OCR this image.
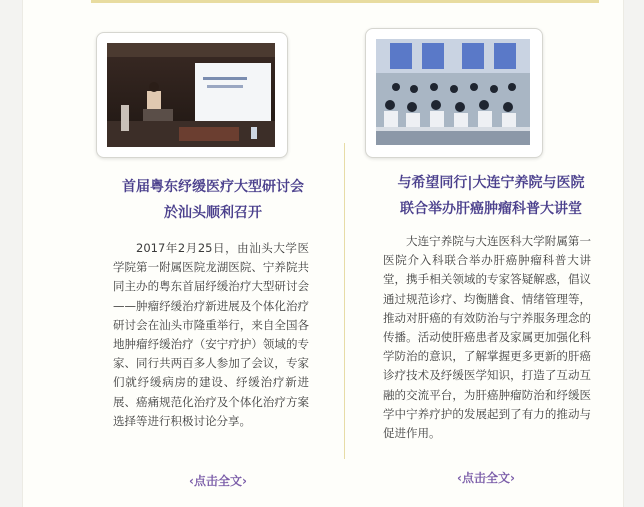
首届粤东纾缓医疗大型研讨会
於汕头顺利召开

2017年2月25日，由汕头大学医学院第一附属医院龙湖医院、宁养院共同主办的粤东首届纾缓治疗大型研讨会——肿瘤纾缓治疗新进展及个体化治疗研讨会在汕头市隆重举行，来自全国各地肿瘤纾缓治疗（安宁疗护）领域的专家、同行共两百多人参加了会议，专家们就纾缓病房的建设、纾缓治疗新进展、癌痛规范化治疗及个体化治疗方案选择等进行积极讨论分享。

‹点击全文›
与希望同行|大连宁养院与医院
联合举办肝癌肿瘤科普大讲堂

大连宁养院与大连医科大学附属第一医院介入科联合举办肝癌肿瘤科普大讲堂，携手相关领域的专家答疑解惑，倡议通过规范诊疗、均衡膳食、情绪管理等，推动对肝癌的有效防治与宁养服务理念的传播。活动使肝癌患者及家属更加强化科学防治的意识，了解掌握更多更新的肝癌诊疗技术及纾缓医学知识，打造了互动互融的交流平台，为肝癌肿瘤防治和纾缓医学中宁养疗护的发展起到了有力的推动与促进作用。

‹点击全文›
